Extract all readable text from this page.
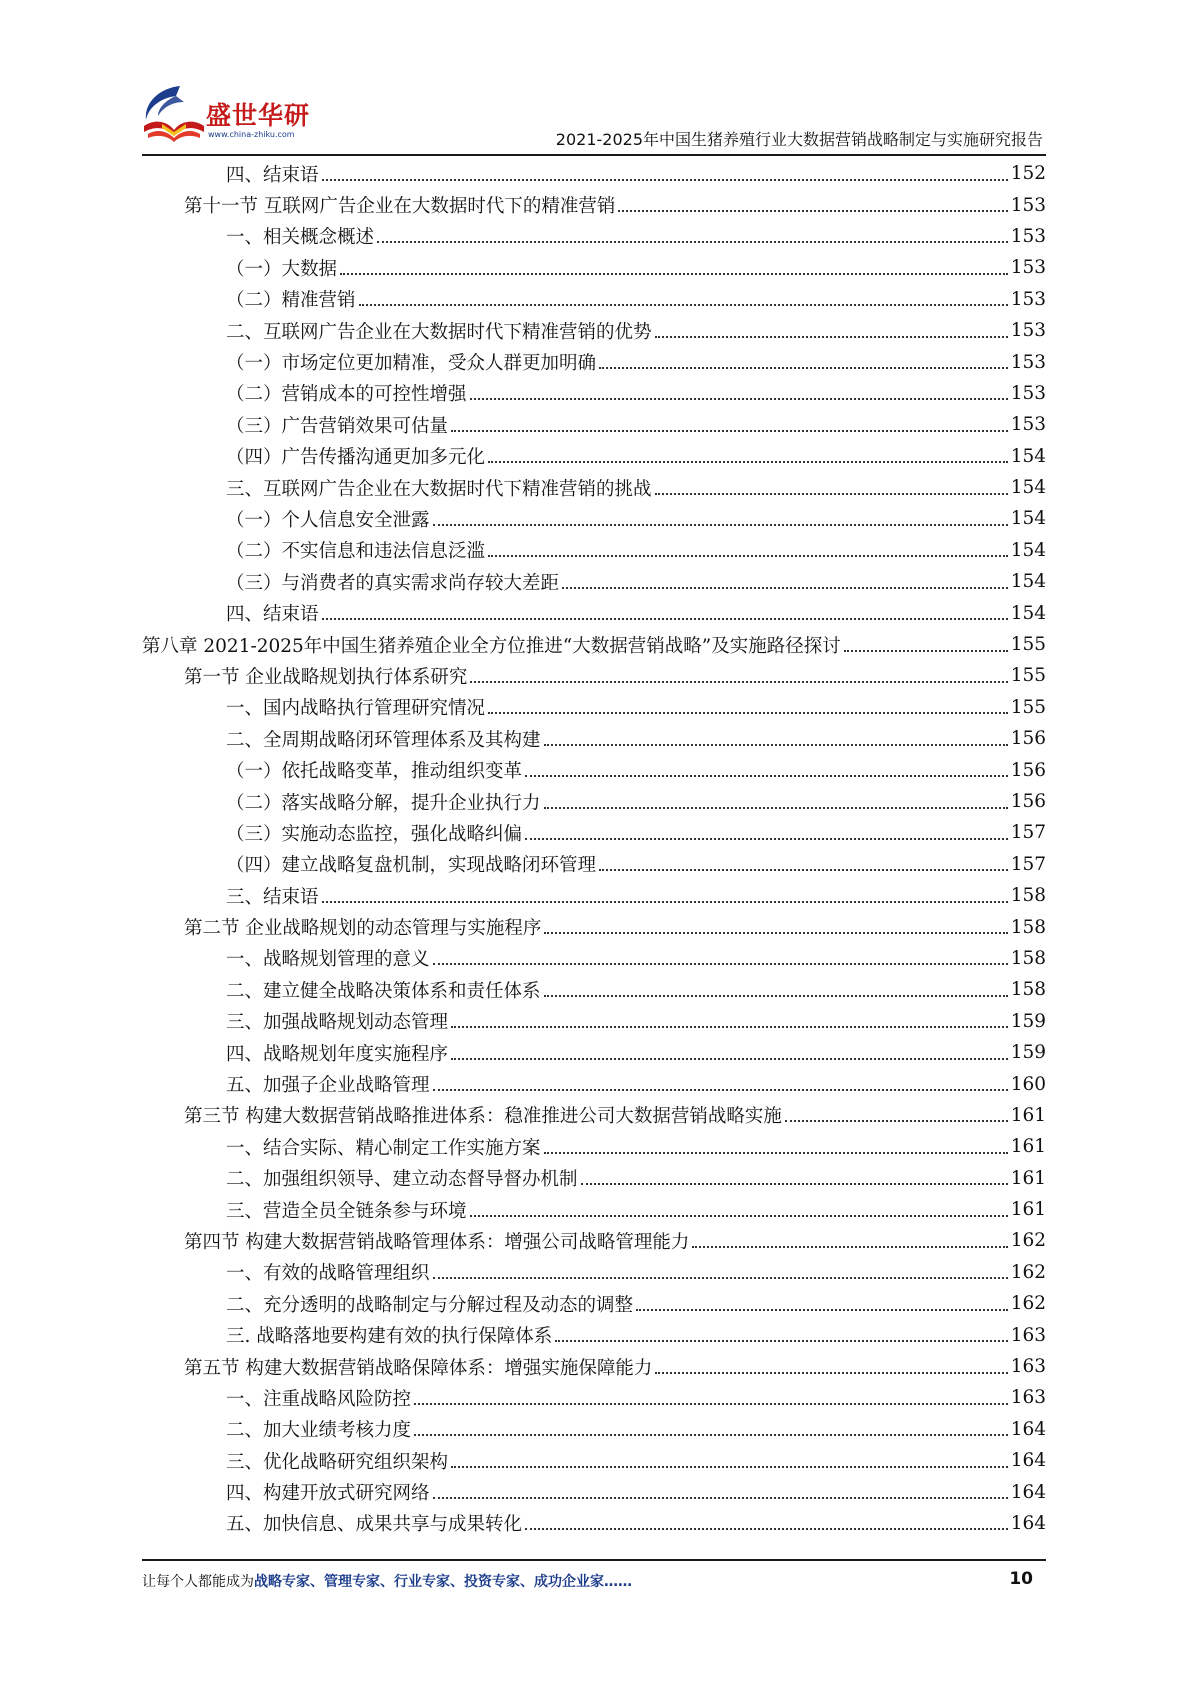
盛世华研
www.china-zhiku.com	2021-2025年中国生猪养殖行业大数据营销战略制定与实施研究报告
四、结束语	152
第十一节 互联网广告企业在大数据时代下的精准营销	153
一、相关概念概述	153
（一）大数据	153
（二）精准营销	153
二、互联网广告企业在大数据时代下精准营销的优势	153
（一）市场定位更加精准，受众人群更加明确	153
（二）营销成本的可控性增强	153
（三）广告营销效果可估量	153
（四）广告传播沟通更加多元化	154
三、互联网广告企业在大数据时代下精准营销的挑战	154
（一）个人信息安全泄露	154
（二）不实信息和违法信息泛滥	154
（三）与消费者的真实需求尚存较大差距	154
四、结束语	154
第八章 2021-2025年中国生猪养殖企业全方位推进“大数据营销战略”及实施路径探讨	155
第一节 企业战略规划执行体系研究	155
一、国内战略执行管理研究情况	155
二、全周期战略闭环管理体系及其构建	156
（一）依托战略变革，推动组织变革	156
（二）落实战略分解，提升企业执行力	156
（三）实施动态监控，强化战略纠偏	157
（四）建立战略复盘机制，实现战略闭环管理	157
三、结束语	158
第二节 企业战略规划的动态管理与实施程序	158
一、战略规划管理的意义	158
二、建立健全战略决策体系和责任体系	158
三、加强战略规划动态管理	159
四、战略规划年度实施程序	159
五、加强子企业战略管理	160
第三节 构建大数据营销战略推进体系：稳准推进公司大数据营销战略实施	161
一、结合实际、精心制定工作实施方案	161
二、加强组织领导、建立动态督导督办机制	161
三、营造全员全链条参与环境	161
第四节 构建大数据营销战略管理体系：增强公司战略管理能力	162
一、有效的战略管理组织	162
二、充分透明的战略制定与分解过程及动态的调整	162
三. 战略落地要构建有效的执行保障体系	163
第五节 构建大数据营销战略保障体系：增强实施保障能力	163
一、注重战略风险防控	163
二、加大业绩考核力度	164
三、优化战略研究组织架构	164
四、构建开放式研究网络	164
五、加快信息、成果共享与成果转化	164
让每个人都能成为战略专家、管理专家、行业专家、投资专家、成功企业家……	10
